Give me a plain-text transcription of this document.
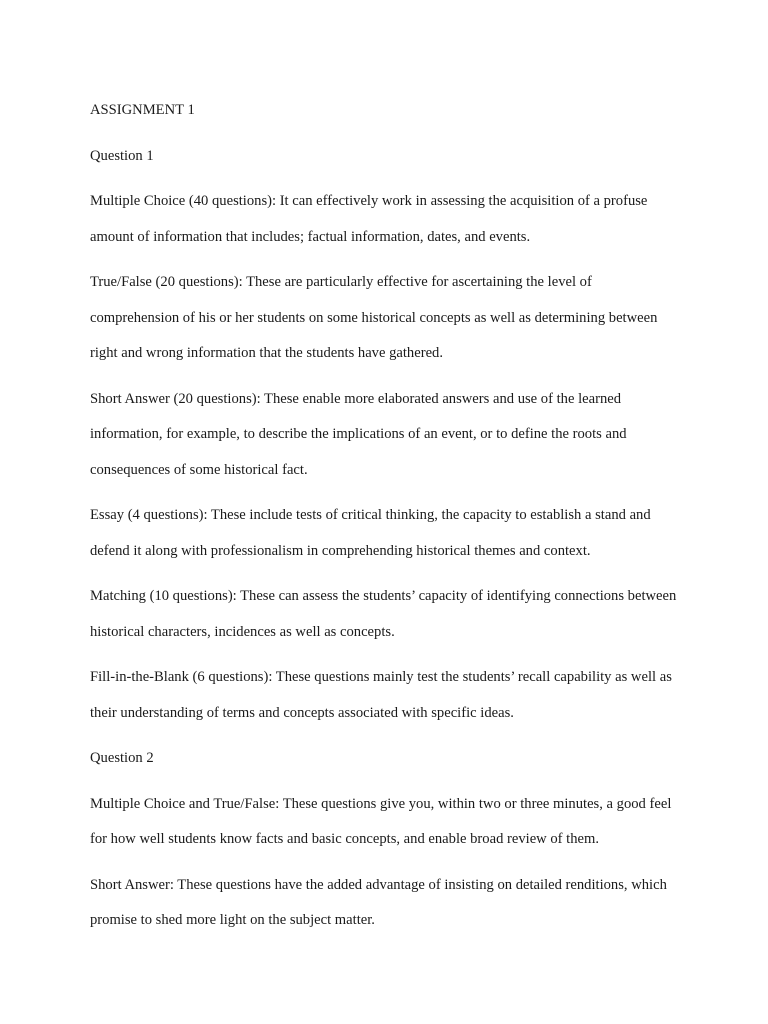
ASSIGNMENT 1

Question 1

Multiple Choice (40 questions): It can effectively work in assessing the acquisition of a profuse amount of information that includes; factual information, dates, and events.

True/False (20 questions): These are particularly effective for ascertaining the level of comprehension of his or her students on some historical concepts as well as determining between right and wrong information that the students have gathered.

Short Answer (20 questions): These enable more elaborated answers and use of the learned information, for example, to describe the implications of an event, or to define the roots and consequences of some historical fact.

Essay (4 questions): These include tests of critical thinking, the capacity to establish a stand and defend it along with professionalism in comprehending historical themes and context.

Matching (10 questions): These can assess the students’ capacity of identifying connections between historical characters, incidences as well as concepts.

Fill-in-the-Blank (6 questions): These questions mainly test the students’ recall capability as well as their understanding of terms and concepts associated with specific ideas.

Question 2

Multiple Choice and True/False: These questions give you, within two or three minutes, a good feel for how well students know facts and basic concepts, and enable broad review of them.

Short Answer: These questions have the added advantage of insisting on detailed renditions, which promise to shed more light on the subject matter.
